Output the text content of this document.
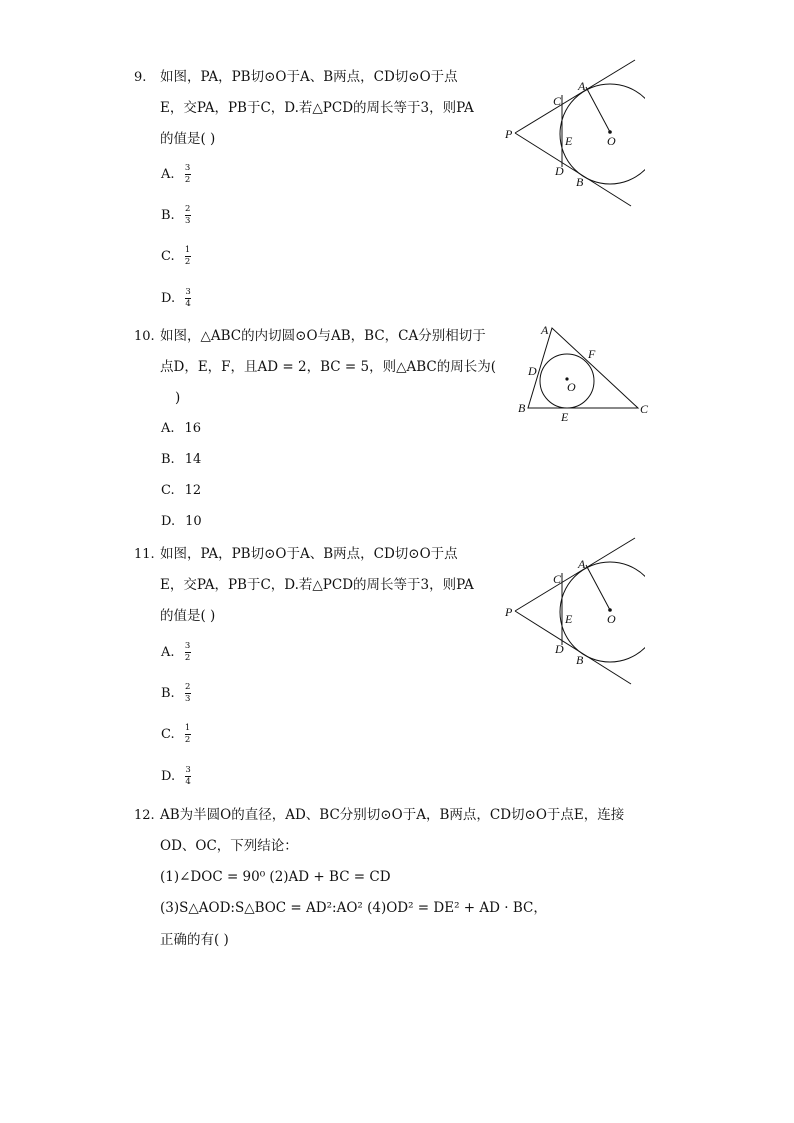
9. 如图，PA，PB切⊙O于A、B两点，CD切⊙O于点
E，交PA，PB于C，D.若△PCD的周长等于3，则PA
的值是( )
A. $\frac{3}{2}$
B. $\frac{2}{3}$
C. $\frac{1}{2}$
D. $\frac{3}{4}$
P
A
C
E	O
D
B
10. 如图，△ABC的内切圆⊙O与AB，BC，CA分别相切于
点D，E，F，且AD = 2，BC = 5，则△ABC的周长为(
)
A. 16
B. 14
C. 12
D. 10
A
B	C
D
E
F
O
11. 如图，PA，PB切⊙O于A、B两点，CD切⊙O于点
E，交PA，PB于C，D.若△PCD的周长等于3，则PA
的值是( )
A. $\frac{3}{2}$
B. $\frac{2}{3}$
C. $\frac{1}{2}$
D. $\frac{3}{4}$
P
A
C
E	O
D
B
12. AB为半圆O的直径，AD、BC分别切⊙O于A，B两点，CD切⊙O于点E，连接
OD、OC，下列结论：
(1)∠DOC = 90⁰ (2)AD + BC = CD
(3)S△AOD:S△BOC = AD²:AO² (4)OD² = DE² + AD · BC，
正确的有( )
